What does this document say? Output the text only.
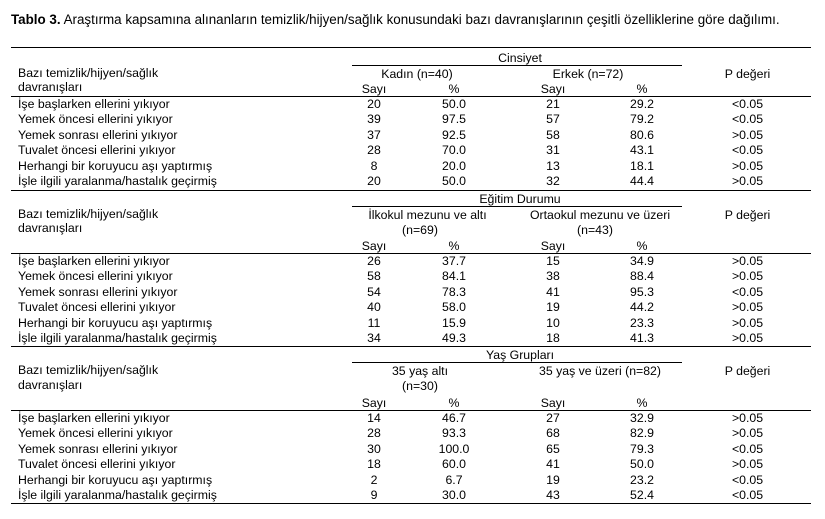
Tablo 3. Araştırma kapsamına alınanların temizlik/hijyen/sağlık konusundaki bazı davranışlarının çeşitli özelliklerine göre dağılımı.
Cinsiyet
Bazı temizlik/hijyen/sağlık
davranışları
Kadın (n=40)	Erkek (n=72)	P değeri
Sayı	%	Sayı	%
İşe başlarken ellerini yıkıyor	20	50.0	21	29.2	<0.05
Yemek öncesi ellerini yıkıyor	39	97.5	57	79.2	<0.05
Yemek sonrası ellerini yıkıyor	37	92.5	58	80.6	>0.05
Tuvalet öncesi ellerini yıkıyor	28	70.0	31	43.1	<0.05
Herhangi bir koruyucu aşı yaptırmış	8	20.0	13	18.1	>0.05
İşle ilgili yaralanma/hastalık geçirmiş	20	50.0	32	44.4	>0.05
Eğitim Durumu
Bazı temizlik/hijyen/sağlık
davranışları
İlkokul mezunu ve altı
(n=69)
Ortaokul mezunu ve üzeri
(n=43)
P değeri
Sayı	%	Sayı	%
İşe başlarken ellerini yıkıyor	26	37.7	15	34.9	>0.05
Yemek öncesi ellerini yıkıyor	58	84.1	38	88.4	>0.05
Yemek sonrası ellerini yıkıyor	54	78.3	41	95.3	<0.05
Tuvalet öncesi ellerini yıkıyor	40	58.0	19	44.2	>0.05
Herhangi bir koruyucu aşı yaptırmış	11	15.9	10	23.3	>0.05
İşle ilgili yaralanma/hastalık geçirmiş	34	49.3	18	41.3	>0.05
Yaş Grupları
Bazı temizlik/hijyen/sağlık
davranışları
35 yaş altı
(n=30)
35 yaş ve üzeri (n=82)	P değeri
Sayı	%	Sayı	%
İşe başlarken ellerini yıkıyor	14	46.7	27	32.9	>0.05
Yemek öncesi ellerini yıkıyor	28	93.3	68	82.9	>0.05
Yemek sonrası ellerini yıkıyor	30	100.0	65	79.3	<0.05
Tuvalet öncesi ellerini yıkıyor	18	60.0	41	50.0	>0.05
Herhangi bir koruyucu aşı yaptırmış	2	6.7	19	23.2	<0.05
İşle ilgili yaralanma/hastalık geçirmiş	9	30.0	43	52.4	<0.05
